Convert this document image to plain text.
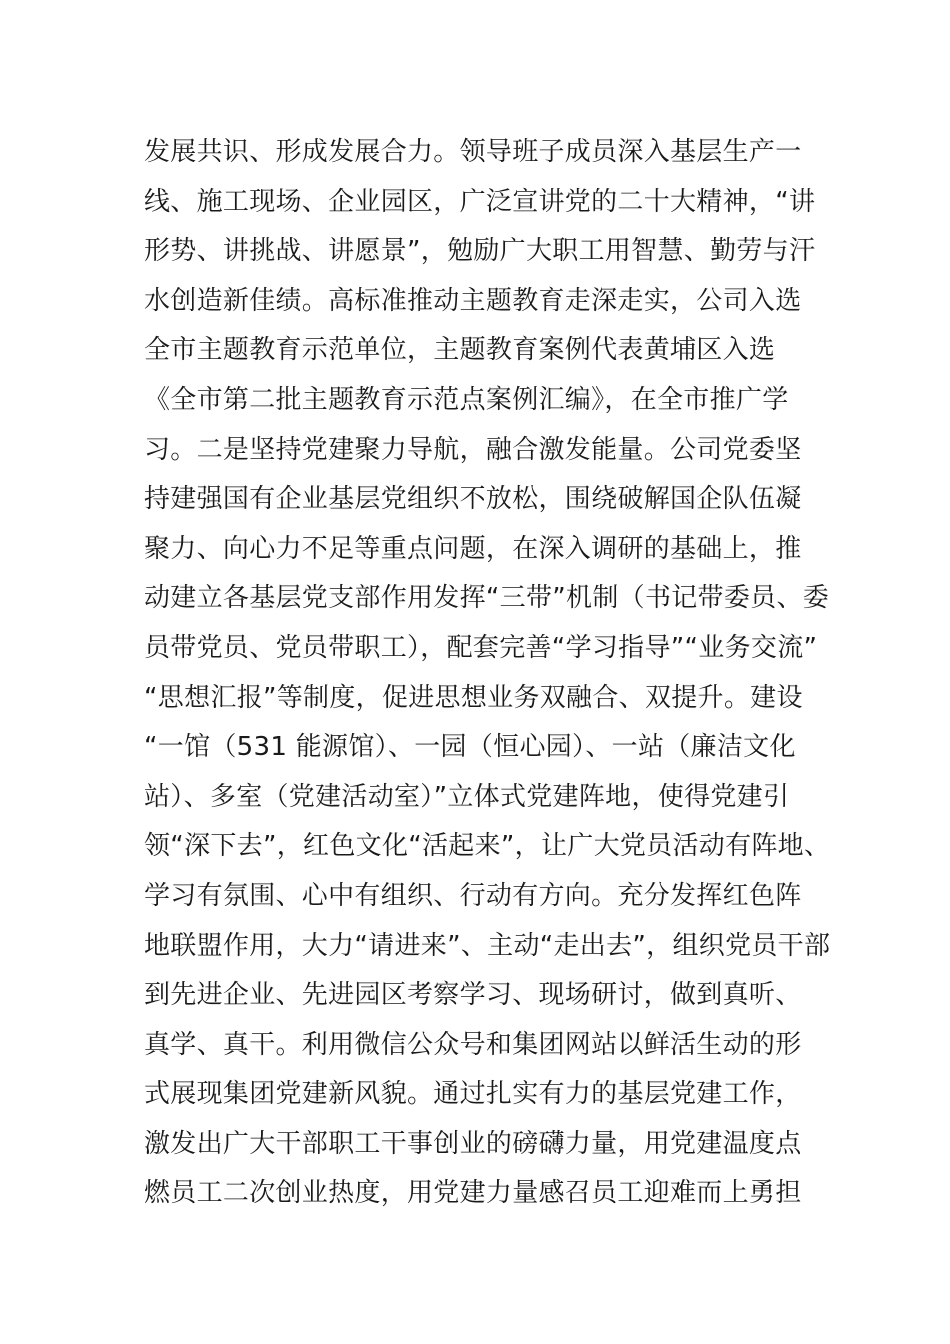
发展共识、形成发展合力。领导班子成员深入基层生产一
线、施工现场、企业园区，广泛宣讲党的二十大精神，“讲
形势、讲挑战、讲愿景”，勉励广大职工用智慧、勤劳与汗
水创造新佳绩。高标准推动主题教育走深走实，公司入选
全市主题教育示范单位，主题教育案例代表黄埔区入选
《全市第二批主题教育示范点案例汇编》，在全市推广学
习。二是坚持党建聚力导航，融合激发能量。公司党委坚
持建强国有企业基层党组织不放松，围绕破解国企队伍凝
聚力、向心力不足等重点问题，在深入调研的基础上，推
动建立各基层党支部作用发挥“三带”机制（书记带委员、委
员带党员、党员带职工），配套完善“学习指导”“业务交流”
“思想汇报”等制度，促进思想业务双融合、双提升。建设
“一馆（531 能源馆）、一园（恒心园）、一站（廉洁文化
站）、多室（党建活动室）”立体式党建阵地，使得党建引
领“深下去”，红色文化“活起来”，让广大党员活动有阵地、
学习有氛围、心中有组织、行动有方向。充分发挥红色阵
地联盟作用，大力“请进来”、主动“走出去”，组织党员干部
到先进企业、先进园区考察学习、现场研讨，做到真听、
真学、真干。利用微信公众号和集团网站以鲜活生动的形
式展现集团党建新风貌。通过扎实有力的基层党建工作，
激发出广大干部职工干事创业的磅礴力量，用党建温度点
燃员工二次创业热度，用党建力量感召员工迎难而上勇担
